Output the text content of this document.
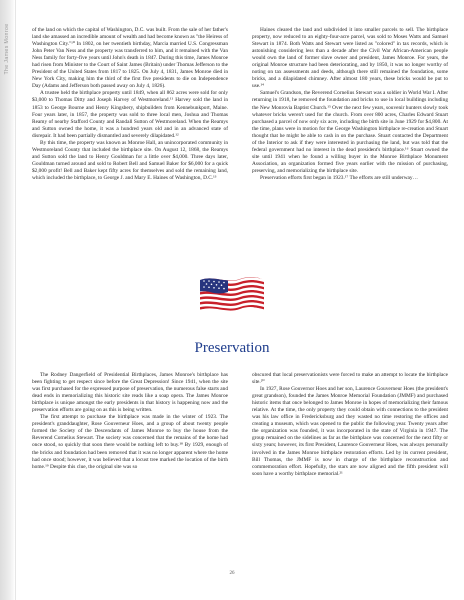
The James Monroe	of the land on which the capital of Washington, D.C. was built. From the sale of her father's land she amassed an incredible amount of wealth and had become known as "the Heiress of Washington City."¹⁰ In 1802, on her twentieth birthday, Marcia married U.S. Congressman John Peter Van Ness and the property was transferred to him, and it remained with the Van Ness family for forty-five years until John's death in 1847. During this time, James Monroe had risen from Minister to the Court of Saint James (Britain) under Thomas Jefferson to the President of the United States from 1817 to 1825. On July 4, 1831, James Monroe died in New York City, making him the third of the first five presidents to die on Independence Day (Adams and Jefferson both passed away on July 4, 1826).

A trustee held the birthplace property until 1849, when all 862 acres were sold for only $3,000 to Thomas Ditty and Joseph Harvey of Westmoreland.¹¹ Harvey sold the land in 1853 to George Bourne and Henry Kingsbery, shipbuilders from Kennebunkport, Maine. Four years later, in 1857, the property was sold to three local men, Joshua and Thomas Reamy of nearby Stafford County and Randall Sutton of Westmoreland. When the Reamys and Sutton owned the home, it was a hundred years old and in an advanced state of disrepair. It had been partially dismantled and severely dilapidated.¹²

By this time, the property was known as Monroe Hall, an unincorporated community in Westmoreland County that included the birthplace site. On August 12, 1868, the Reamys and Sutton sold the land to Henry Gouldman for a little over $4,000. Three days later, Gouldman turned around and sold to Robert Bell and Samuel Baker for $6,000 for a quick $2,000 profit! Bell and Baker kept fifty acres for themselves and sold the remaining land, which included the birthplace, to George J. and Mary E. Haines of Washington, D.C.¹³

Haines cleared the land and subdivided it into smaller parcels to sell. The birthplace property, now reduced to an eighty-four-acre parcel, was sold to Moses Watts and Samuel Stewart in 1874. Both Watts and Stewart were listed as "colored" in tax records, which is astonishing considering less than a decade after the Civil War African-American people would own the land of former slave owner and president, James Monroe. For years, the original Monroe structure had been deteriorating, and by 1850, it was no longer worthy of noting on tax assessments and deeds, although there still remained the foundation, some bricks, and a dilapidated chimney. After almost 180 years, these bricks would be put to use.¹⁴

Samuel's Grandson, the Reverend Cornelius Stewart was a soldier in World War I. After returning in 1918, he removed the foundation and bricks to use in local buildings including the New Monrovia Baptist Church.¹⁵ Over the next few years, souvenir hunters slowly took whatever bricks weren't used for the church. From over 800 acres, Charles Edward Stuart purchased a parcel of now only six acre, including the birth site in June 1929 for $4,800. At the time, plans were in motion for the George Washington birthplace re-creation and Stuart thought that he might be able to cash in on the purchase. Stuart contacted the Department of the Interior to ask if they were interested in purchasing the land, but was told that the federal government had no interest in the dead president's birthplace.¹⁶ Stuart owned the site until 1941 when he found a willing buyer in the Monroe Birthplace Monument Association, an organization formed five years earlier with the mission of purchasing, preserving, and memorializing the birthplace site.

Preservation efforts first began in 1923.¹⁷ The efforts are still underway…

Preservation

The Rodney Dangerfield of Presidential Birthplaces, James Monroe's birthplace has been fighting to get respect since before the Great Depression! Since 1941, when the site was first purchased for the expressed purpose of preservation, the numerous false starts and dead ends in memorializing this historic site reads like a soap opera. The James Monroe birthplace is unique amongst the early presidents in that history is happening now and the preservation efforts are going on as this is being written.

The first attempt to purchase the birthplace was made in the winter of 1923. The president's granddaughter, Rose Gouverneur Hoes, and a group of about twenty people formed the Society of the Descendants of James Monroe to buy the house from the Reverend Cornelius Stewart. The society was concerned that the remains of the home had once stood, so quickly that soon there would be nothing left to buy.¹⁸ By 1929, enough of the bricks and foundation had been removed that it was no longer apparent where the home had once stood; however, it was believed that a locust tree marked the location of the birth home.¹⁹ Despite this clue, the original site was so

obscured that local preservationists were forced to make an attempt to locate the birthplace site.²⁰

In 1927, Rose Gouvernor Hoes and her son, Laurence Gouverneur Hoes (the president's great grandson), founded the James Monroe Memorial Foundation (JMMF) and purchased historic items that once belonged to James Monroe in hopes of memorializing their famous relative. At the time, the only property they could obtain with connections to the president was his law office in Fredericksburg and they wasted no time restoring the offices and creating a museum, which was opened to the public the following year. Twenty years after the organization was founded, it was incorporated in the state of Virginia in 1947. The group remained on the sidelines as far as the birthplace was concerned for the next fifty or sixty years; however, its first President, Laurence Gouverneur Hoes, was always personally involved in the James Monroe birthplace restoration efforts. Led by its current president, Bill Thomas, the JMMF is now in charge of the birthplace reconstruction and commemoration effort. Hopefully, the stars are now aligned and the fifth president will soon have a worthy birthplace memorial.²¹

26
